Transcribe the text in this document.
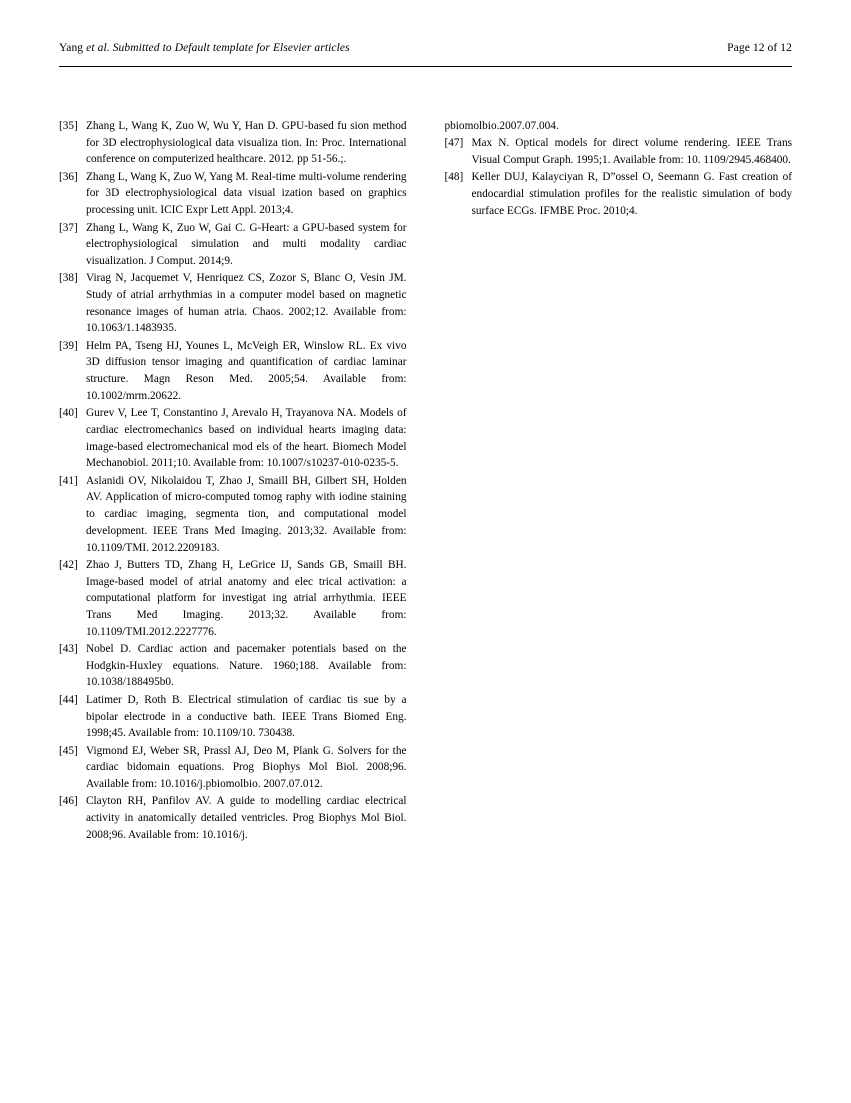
Yang et al. Submitted to Default template for Elsevier articles	Page 12 of 12
[35] Zhang L, Wang K, Zuo W, Wu Y, Han D. GPU-based fu sion method for 3D electrophysiological data visualiza tion. In: Proc. International conference on computerized healthcare. 2012. pp 51-56.;.
[36] Zhang L, Wang K, Zuo W, Yang M. Real-time multi-volume rendering for 3D electrophysiological data visual ization based on graphics processing unit. ICIC Expr Lett Appl. 2013;4.
[37] Zhang L, Wang K, Zuo W, Gai C. G-Heart: a GPU-based system for electrophysiological simulation and multi modality cardiac visualization. J Comput. 2014;9.
[38] Virag N, Jacquemet V, Henriquez CS, Zozor S, Blanc O, Vesin JM. Study of atrial arrhythmias in a computer model based on magnetic resonance images of human atria. Chaos. 2002;12. Available from: 10.1063/1.1483935.
[39] Helm PA, Tseng HJ, Younes L, McVeigh ER, Winslow RL. Ex vivo 3D diffusion tensor imaging and quantification of cardiac laminar structure. Magn Reson Med. 2005;54. Available from: 10.1002/mrm.20622.
[40] Gurev V, Lee T, Constantino J, Arevalo H, Trayanova NA. Models of cardiac electromechanics based on individual hearts imaging data: image-based electromechanical mod els of the heart. Biomech Model Mechanobiol. 2011;10. Available from: 10.1007/s10237-010-0235-5.
[41] Aslanidi OV, Nikolaidou T, Zhao J, Smaill BH, Gilbert SH, Holden AV. Application of micro-computed tomog raphy with iodine staining to cardiac imaging, segmenta tion, and computational model development. IEEE Trans Med Imaging. 2013;32. Available from: 10.1109/TMI. 2012.2209183.
[42] Zhao J, Butters TD, Zhang H, LeGrice IJ, Sands GB, Smaill BH. Image-based model of atrial anatomy and elec trical activation: a computational platform for investigat ing atrial arrhythmia. IEEE Trans Med Imaging. 2013;32. Available from: 10.1109/TMI.2012.2227776.
[43] Nobel D. Cardiac action and pacemaker potentials based on the Hodgkin-Huxley equations. Nature. 1960;188. Available from: 10.1038/188495b0.
[44] Latimer D, Roth B. Electrical stimulation of cardiac tis sue by a bipolar electrode in a conductive bath. IEEE Trans Biomed Eng. 1998;45. Available from: 10.1109/10. 730438.
[45] Vigmond EJ, Weber SR, Prassl AJ, Deo M, Plank G. Solvers for the cardiac bidomain equations. Prog Biophys Mol Biol. 2008;96. Available from: 10.1016/j.pbiomolbio. 2007.07.012.
[46] Clayton RH, Panfilov AV. A guide to modelling cardiac electrical activity in anatomically detailed ventricles. Prog Biophys Mol Biol. 2008;96. Available from: 10.1016/j.

pbiomolbio.2007.07.004.

[47] Max N. Optical models for direct volume rendering. IEEE Trans Visual Comput Graph. 1995;1. Available from: 10. 1109/2945.468400.
[48] Keller DUJ, Kalayciyan R, D”ossel O, Seemann G. Fast creation of endocardial stimulation profiles for the realistic simulation of body surface ECGs. IFMBE Proc. 2010;4.
